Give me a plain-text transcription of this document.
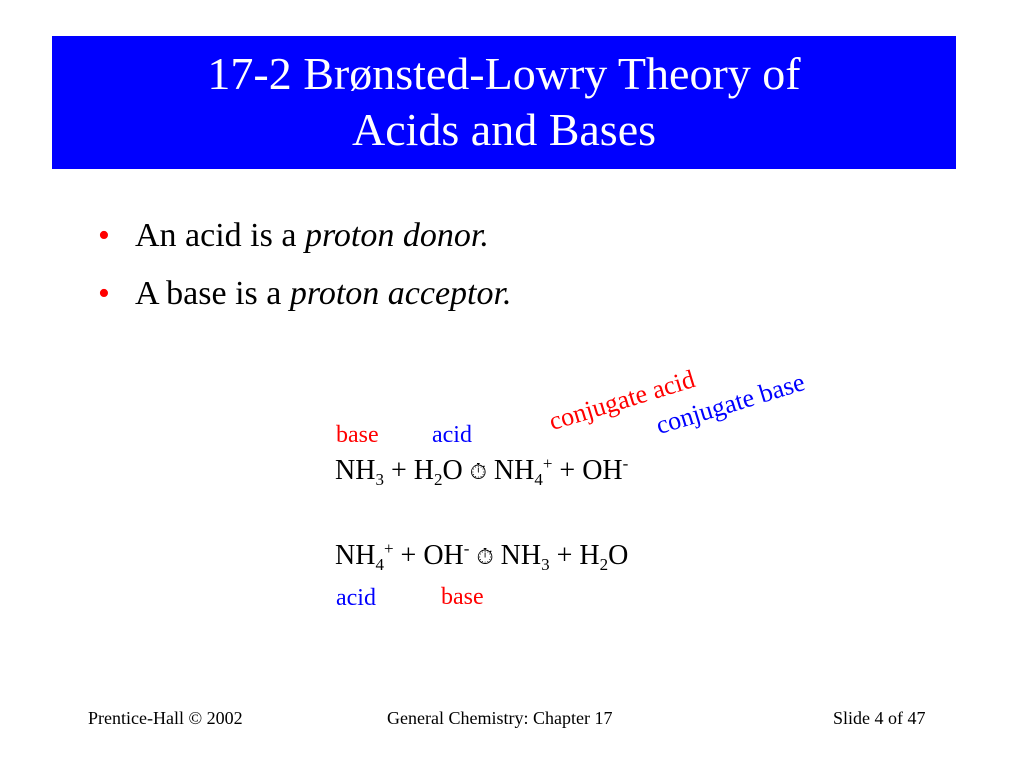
17-2 Brønsted-Lowry Theory of
Acids and Bases
• An acid is a proton donor.
• A base is a proton acceptor.
conjugate acid
conjugate base
base acid
$NH_3 + H_2O$ ⏱ $NH_4^+ + OH^-$
$NH_4^+ + OH^-$ ⏱ $NH_3 + H_2O$
acid	base
Prentice-Hall © 2002	General Chemistry: Chapter 17	Slide 4 of 47
